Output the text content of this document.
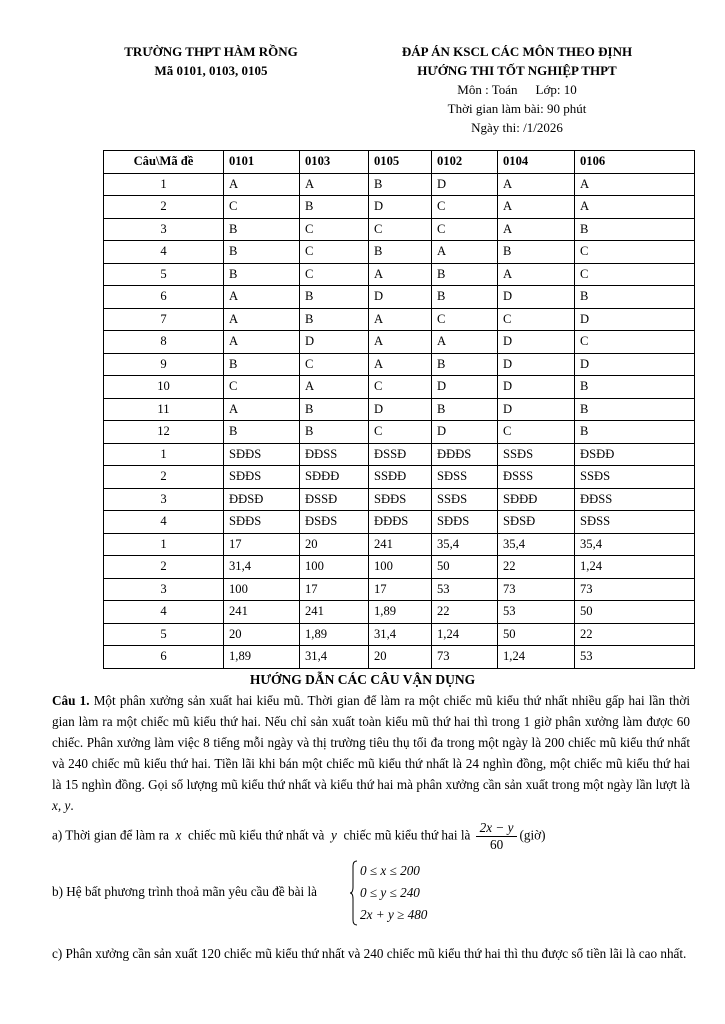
TRƯỜNG THPT HÀM RỒNG
Mã 0101, 0103, 0105
ĐÁP ÁN KSCL CÁC MÔN THEO ĐỊNH
HƯỚNG THI TỐT NGHIỆP THPT
Môn : Toán Lớp: 10
Thời gian làm bài: 90 phút
Ngày thi: /1/2026
Câu\Mã đề	0101	0103	0105	0102	0104	0106
1	A	A	B	D	A	A
2	C	B	D	C	A	A
3	B	C	C	C	A	B
4	B	C	B	A	B	C
5	B	C	A	B	A	C
6	A	B	D	B	D	B
7	A	B	A	C	C	D
8	A	D	A	A	D	C
9	B	C	A	B	D	D
10	C	A	C	D	D	B
11	A	B	D	B	D	B
12	B	B	C	D	C	B
1	SĐĐS	ĐĐSS	ĐSSĐ	ĐĐĐS	SSĐS	ĐSĐĐ
2	SĐĐS	SĐĐĐ	SSĐĐ	SĐSS	ĐSSS	SSĐS
3	ĐĐSĐ	ĐSSĐ	SĐĐS	SSĐS	SĐĐĐ	ĐĐSS
4	SĐĐS	ĐSĐS	ĐĐĐS	SĐĐS	SĐSĐ	SĐSS
1	17	20	241	35,4	35,4	35,4
2	31,4	100	100	50	22	1,24
3	100	17	17	53	73	73
4	241	241	1,89	22	53	50
5	20	1,89	31,4	1,24	50	22
6	1,89	31,4	20	73	1,24	53
HƯỚNG DẪN CÁC CÂU VẬN DỤNG
Câu 1. Một phân xưởng sản xuất hai kiểu mũ. Thời gian để làm ra một chiếc mũ kiểu thứ nhất nhiều gấp hai lần thời gian làm ra một chiếc mũ kiểu thứ hai. Nếu chỉ sản xuất toàn kiểu mũ thứ hai thì trong 1 giờ phân xưởng làm được 60 chiếc. Phân xưởng làm việc 8 tiếng mỗi ngày và thị trường tiêu thụ tối đa trong một ngày là 200 chiếc mũ kiểu thứ nhất và 240 chiếc mũ kiểu thứ hai. Tiền lãi khi bán một chiếc mũ kiểu thứ nhất là 24 nghìn đồng, một chiếc mũ kiểu thứ hai là 15 nghìn đồng. Gọi số lượng mũ kiểu thứ nhất và kiểu thứ hai mà phân xưởng cần sản xuất trong một ngày lần lượt là x, y.
a) Thời gian để làm ra x chiếc mũ kiểu thứ nhất và y chiếc mũ kiểu thứ hai là $\frac{2x - y}{60}$ (giờ)
b) Hệ bất phương trình thoả mãn yêu cầu đề bài là
0 ≤ x ≤ 200
0 ≤ y ≤ 240
2x + y ≥ 480
c) Phân xưởng cần sản xuất 120 chiếc mũ kiểu thứ nhất và 240 chiếc mũ kiểu thứ hai thì thu được số tiền lãi là cao nhất.
